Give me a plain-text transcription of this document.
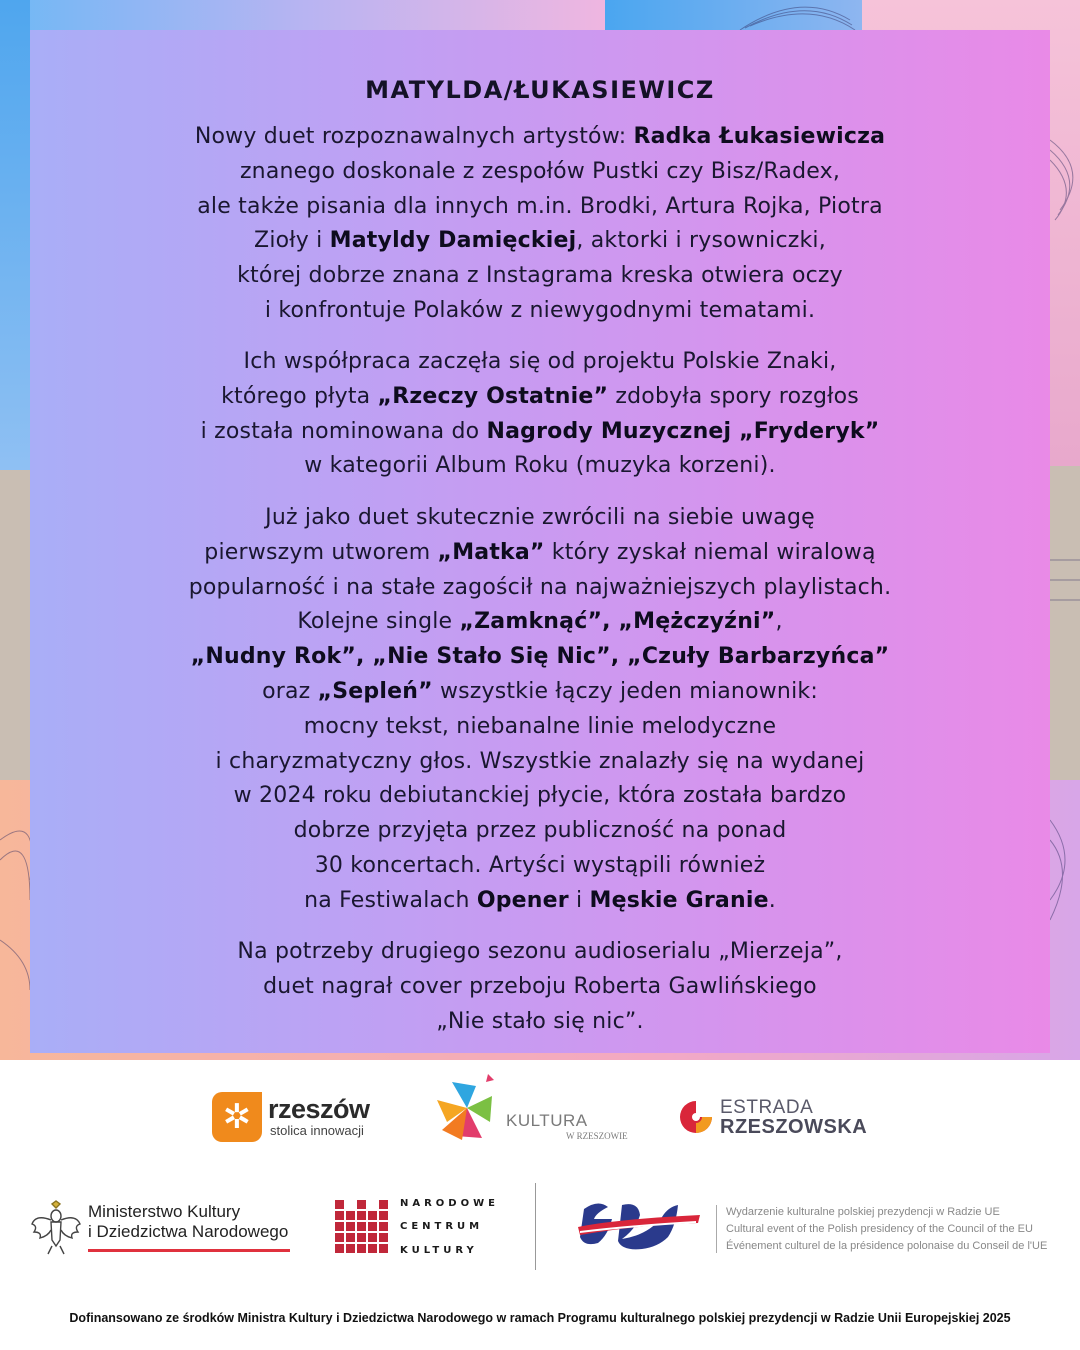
MATYLDA/ŁUKASIEWICZ
Nowy duet rozpoznawalnych artystów: Radka Łukasiewicza
znanego doskonale z zespołów Pustki czy Bisz/Radex,
ale także pisania dla innych m.in. Brodki, Artura Rojka, Piotra
Zioły i Matyldy Damięckiej, aktorki i rysowniczki,
której dobrze znana z Instagrama kreska otwiera oczy
i konfrontuje Polaków z niewygodnymi tematami.
Ich współpraca zaczęła się od projektu Polskie Znaki,
którego płyta „Rzeczy Ostatnie” zdobyła spory rozgłos
i została nominowana do Nagrody Muzycznej „Fryderyk”
w kategorii Album Roku (muzyka korzeni).
Już jako duet skutecznie zwrócili na siebie uwagę
pierwszym utworem „Matka” który zyskał niemal wiralową
popularność i na stałe zagościł na najważniejszych playlistach.
Kolejne single „Zamknąć”, „Mężczyźni”,
„Nudny Rok”, „Nie Stało Się Nic”, „Czuły Barbarzyńca”
oraz „Sepleń” wszystkie łączy jeden mianownik:
mocny tekst, niebanalne linie melodyczne
i charyzmatyczny głos. Wszystkie znalazły się na wydanej
w 2024 roku debiutanckiej płycie, która została bardzo
dobrze przyjęta przez publiczność na ponad
30 koncertach. Artyści wystąpili również
na Festiwalach Opener i Męskie Granie.
Na potrzeby drugiego sezonu audioserialu „Mierzeja”,
duet nagrał cover przeboju Roberta Gawlińskiego
„Nie stało się nic”.
✲ rzeszów
stolica innowacji
KULTURA
W RZESZOWIE
ESTRADA
RZESZOWSKA
Ministerstwo Kultury
i Dziedzictwa Narodowego
NARODOWE
CENTRUM
KULTURY
Wydarzenie kulturalne polskiej prezydencji w Radzie UE
Cultural event of the Polish presidency of the Council of the EU
Événement culturel de la présidence polonaise du Conseil de l'UE
Dofinansowano ze środków Ministra Kultury i Dziedzictwa Narodowego w ramach Programu kulturalnego polskiej prezydencji w Radzie Unii Europejskiej 2025
